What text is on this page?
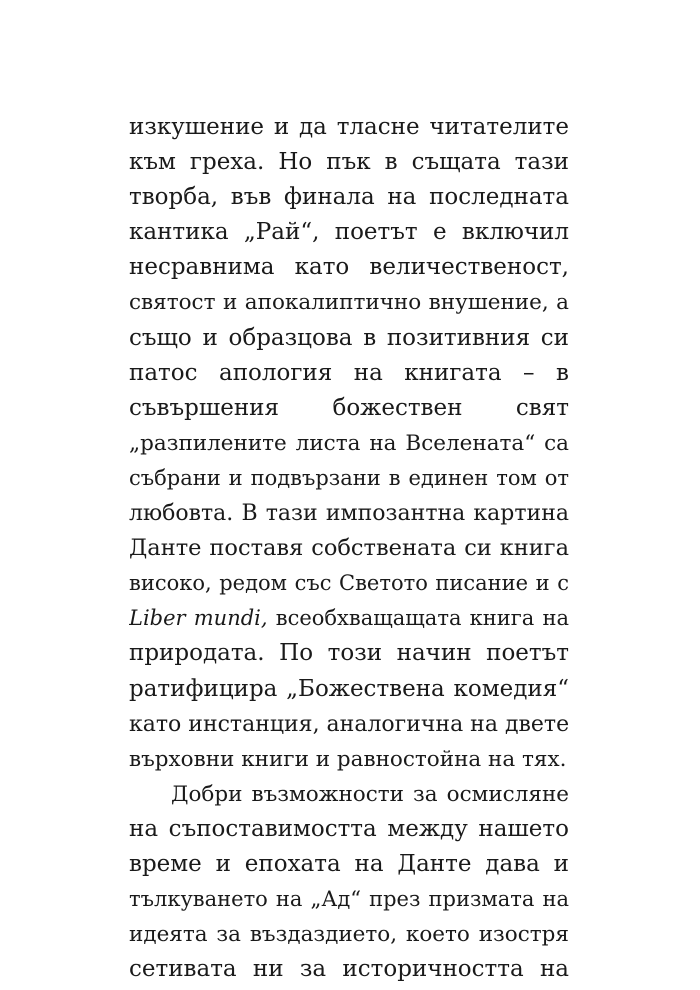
изкушение и да тласне читателите
към греха. Но пък в същата тази
творба, във финала на последната
кантика „Рай“, поетът е включил
несравнима като величественост,
святост и апокалиптично внушение, а
също и образцова в позитивния си
патос апология на книгата – в
съвършения божествен свят
„разпилените листа на Вселената“ са
събрани и подвързани в единен том от
любовта. В тази импозантна картина
Данте поставя собствената си книга
високо, редом със Светото писание и с
Liber mundi, всеобхващащата книга на
природата. По този начин поетът
ратифицира „Божествена комедия“
като инстанция, аналогична на двете
върховни книги и равностойна на тях.
Добри възможности за осмисляне
на съпоставимостта между нашето
време и епохата на Данте дава и
тълкуването на „Ад“ през призмата на
идеята за въздаздието, което изостря
сетивата ни за историчността на
